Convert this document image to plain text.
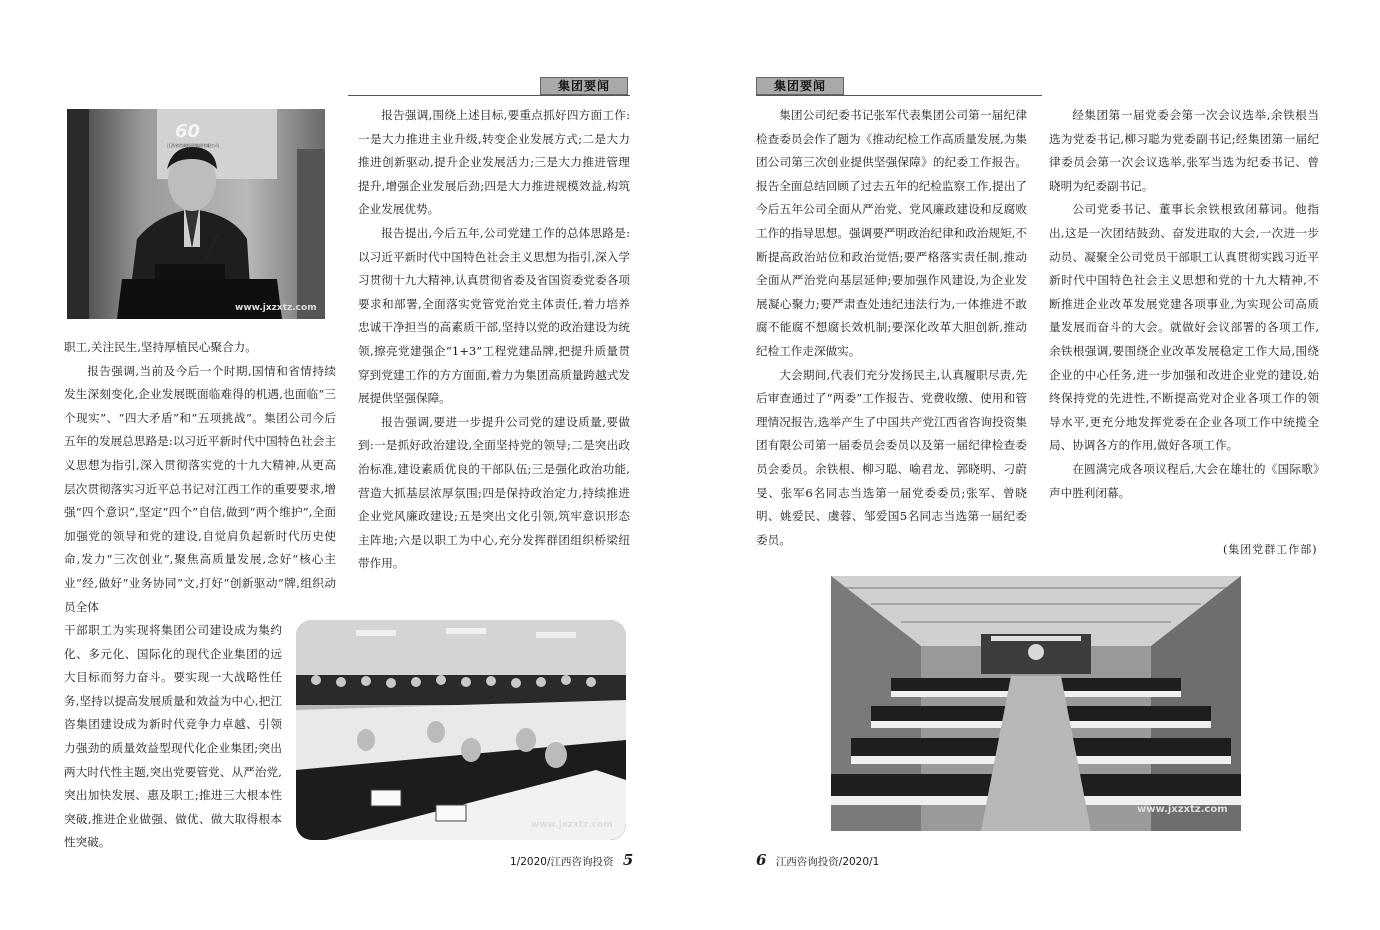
集团要闻
60
江西省咨询投资集团有限公司
www.jxzxtz.com

职工,关注民生,坚持厚植民心聚合力。

报告强调,当前及今后一个时期,国情和省情持续发生深刻变化,企业发展既面临难得的机遇,也面临“三个现实”、“四大矛盾”和“五项挑战”。集团公司今后五年的发展总思路是:以习近平新时代中国特色社会主义思想为指引,深入贯彻落实党的十九大精神,从更高层次贯彻落实习近平总书记对江西工作的重要要求,增强“四个意识”,坚定“四个”自信,做到“两个维护”,全面加强党的领导和党的建设,自觉肩负起新时代历史使命,发力“三次创业”,聚焦高质量发展,念好“核心主业”经,做好“业务协同”文,打好“创新驱动”牌,组织动员全体

干部职工为实现将集团公司建设成为集约化、多元化、国际化的现代企业集团的远大目标而努力奋斗。要实现一大战略性任务,坚持以提高发展质量和效益为中心,把江咨集团建设成为新时代竞争力卓越、引领力强劲的质量效益型现代化企业集团;突出两大时代性主题,突出党要管党、从严治党,突出加快发展、惠及职工;推进三大根本性突破,推进企业做强、做优、做大取得根本性突破。

报告强调,围绕上述目标,要重点抓好四方面工作:一是大力推进主业升级,转变企业发展方式;二是大力推进创新驱动,提升企业发展活力;三是大力推进管理提升,增强企业发展后劲;四是大力推进规模效益,构筑企业发展优势。

报告提出,今后五年,公司党建工作的总体思路是:以习近平新时代中国特色社会主义思想为指引,深入学习贯彻十九大精神,认真贯彻省委及省国资委党委各项要求和部署,全面落实党管党治党主体责任,着力培养忠诚干净担当的高素质干部,坚持以党的政治建设为统领,擦亮党建强企“1+3”工程党建品牌,把提升质量贯穿到党建工作的方方面面,着力为集团高质量跨越式发展提供坚强保障。

报告强调,要进一步提升公司党的建设质量,要做到:一是抓好政治建设,全面坚持党的领导;二是突出政治标准,建设素质优良的干部队伍;三是强化政治功能,营造大抓基层浓厚氛围;四是保持政治定力,持续推进企业党风廉政建设;五是突出文化引领,筑牢意识形态主阵地;六是以职工为中心,充分发挥群团组织桥梁纽带作用。

www.jxzxtz.com
1/2020/江西咨询投资 5
集团要闻

集团公司纪委书记张军代表集团公司第一届纪律检查委员会作了题为《推动纪检工作高质量发展,为集团公司第三次创业提供坚强保障》的纪委工作报告。报告全面总结回顾了过去五年的纪检监察工作,提出了今后五年公司全面从严治党、党风廉政建设和反腐败工作的指导思想。强调要严明政治纪律和政治规矩,不断提高政治站位和政治觉悟;要严格落实责任制,推动全面从严治党向基层延伸;要加强作风建设,为企业发展凝心聚力;要严肃查处违纪违法行为,一体推进不敢腐不能腐不想腐长效机制;要深化改革大胆创新,推动纪检工作走深做实。

大会期间,代表们充分发扬民主,认真履职尽责,先后审查通过了“两委”工作报告、党费收缴、使用和管理情况报告,选举产生了中国共产党江西省咨询投资集团有限公司第一届委员会委员以及第一届纪律检查委员会委员。余铁根、柳习聪、喻君龙、郭晓明、刁蔚旻、张军6名同志当选第一届党委委员;张军、曾晓明、姚爱民、虞蓉、邹爱国5名同志当选第一届纪委委员。

经集团第一届党委会第一次会议选举,余铁根当选为党委书记,柳习聪为党委副书记;经集团第一届纪律委员会第一次会议选举,张军当选为纪委书记、曾晓明为纪委副书记。

公司党委书记、董事长余铁根致闭幕词。他指出,这是一次团结鼓劲、奋发进取的大会,一次进一步动员、凝聚全公司党员干部职工认真贯彻实践习近平新时代中国特色社会主义思想和党的十九大精神,不断推进企业改革发展党建各项事业,为实现公司高质量发展而奋斗的大会。就做好会议部署的各项工作,余铁根强调,要围绕企业改革发展稳定工作大局,围绕企业的中心任务,进一步加强和改进企业党的建设,始终保持党的先进性,不断提高党对企业各项工作的领导水平,更充分地发挥党委在企业各项工作中统揽全局、协调各方的作用,做好各项工作。

在圆满完成各项议程后,大会在雄壮的《国际歌》声中胜利闭幕。

(集团党群工作部)
www.jxzxtz.com
6 江西咨询投资/2020/1
